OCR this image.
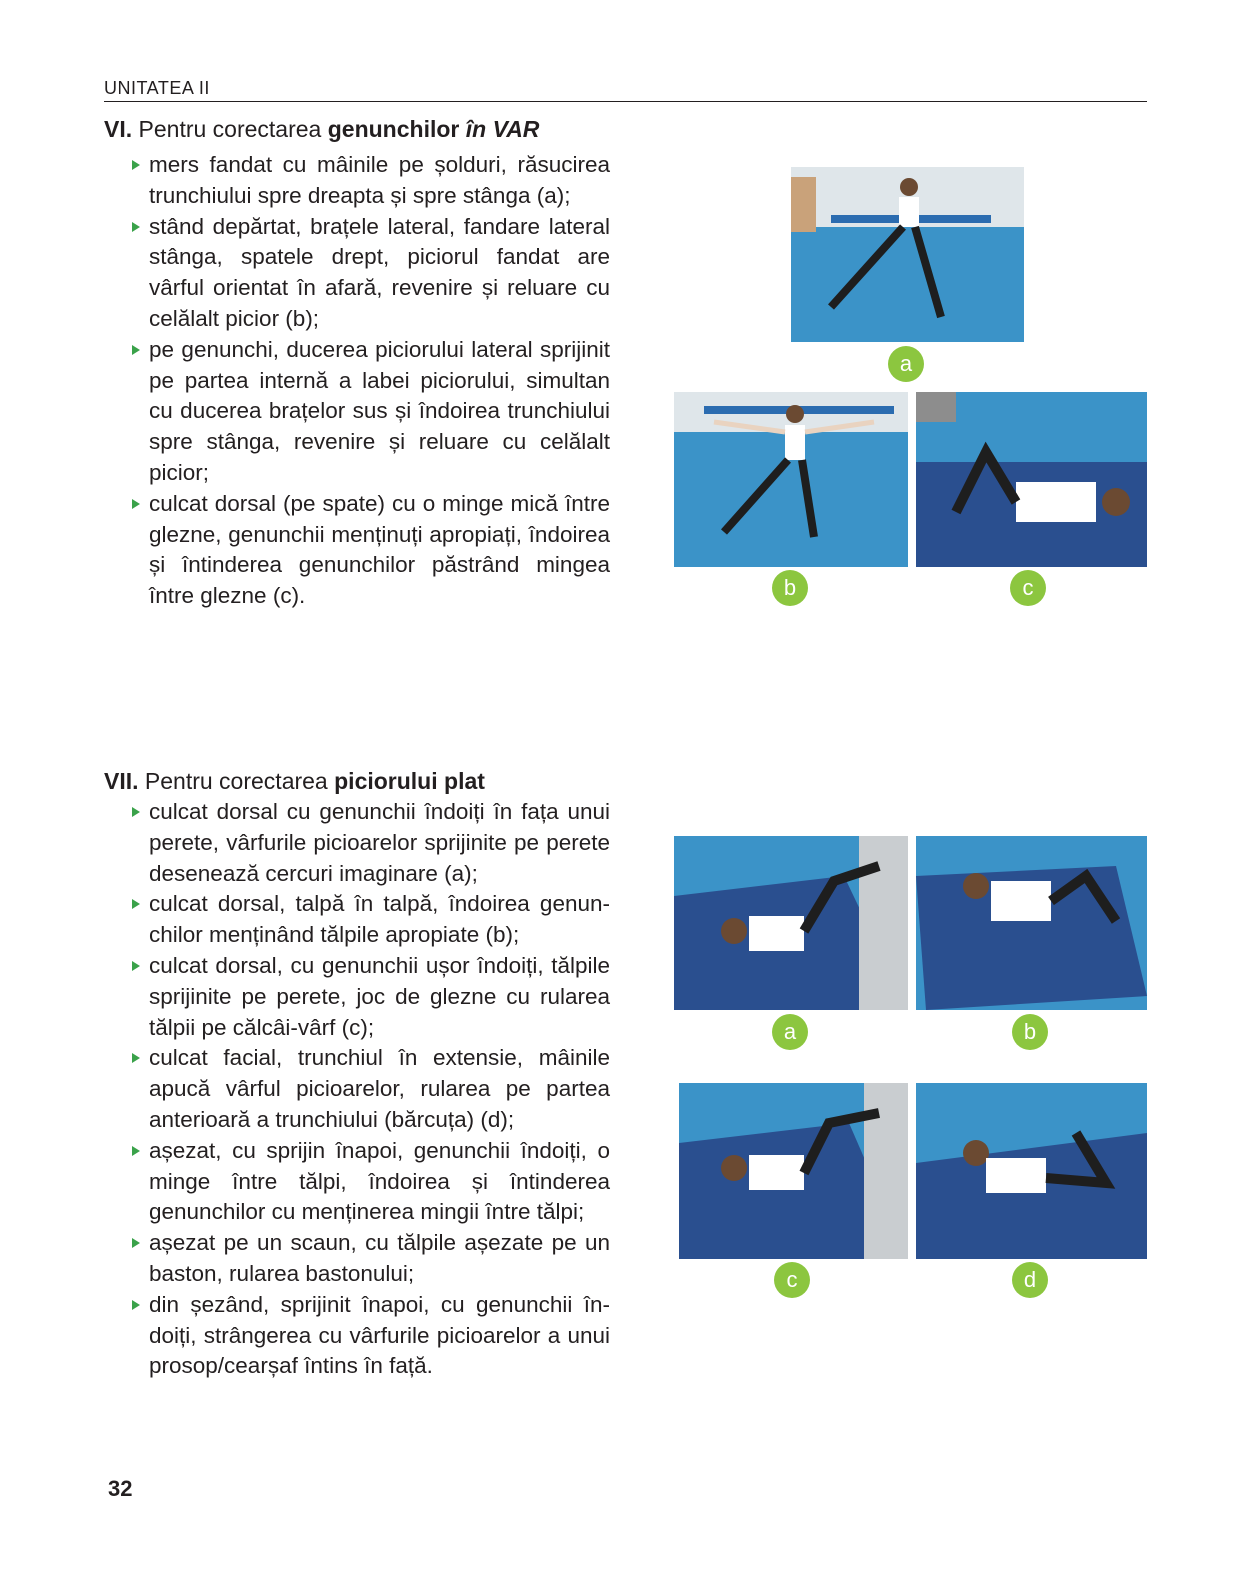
UNITATEA II
VI. Pentru corectarea genunchilor în VAR
mers fandat cu mâinile pe șolduri, răsucirea trunchiului spre dreapta și spre stânga (a);
stând depărtat, brațele lateral, fandare lateral stânga, spatele drept, piciorul fandat are vârful orientat în afară, revenire și reluare cu celălalt picior (b);
pe genunchi, ducerea piciorului lateral sprijinit pe partea internă a labei piciorului, simultan cu ducerea brațelor sus și îndoirea trunchiului spre stânga, revenire și reluare cu celălalt picior;
culcat dorsal (pe spate) cu o minge mică între glezne, genunchii menținuți apropiați, îndoirea și întinderea genunchilor păstrând mingea între glezne (c).
a
b	c
VII. Pentru corectarea piciorului plat
culcat dorsal cu genunchii îndoiți în fața unui perete, vârfurile picioarelor sprijinite pe perete desenează cercuri imaginare (a);
culcat dorsal, talpă în talpă, îndoirea genunchilor menținând tălpile apropiate (b);
culcat dorsal, cu genunchii ușor îndoiți, tălpile sprijinite pe perete, joc de glezne cu rularea tălpii pe călcâi-vârf (c);
culcat facial, trunchiul în extensie, mâinile apucă vârful picioarelor, rularea pe partea anterioară a trunchiului (bărcuța) (d);
așezat, cu sprijin înapoi, genunchii îndoiți, o minge între tălpi, îndoirea și întinderea genunchilor cu menținerea mingii între tălpi;
așezat pe un scaun, cu tălpile așezate pe un baston, rularea bastonului;
din șezând, sprijinit înapoi, cu genunchii îndoiți, strângerea cu vârfurile picioarelor a unui prosop/cearșaf întins în față.
a	b
c	d
32
